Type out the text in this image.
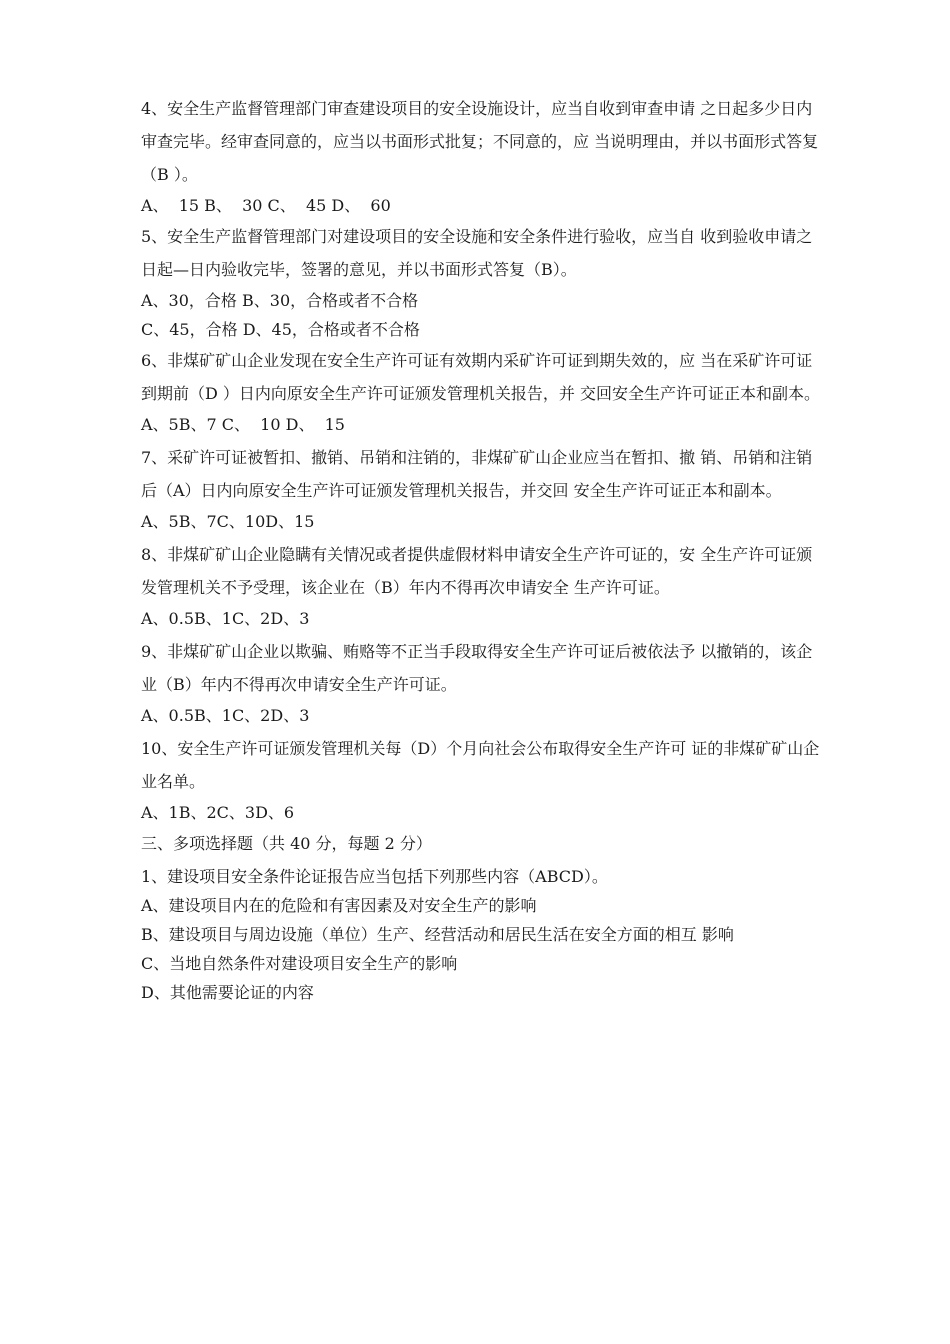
4、安全生产监督管理部门审查建设项目的安全设施设计，应当自收到审查申请 之日起多少日内审查完毕。经审查同意的，应当以书面形式批复；不同意的，应 当说明理由，并以书面形式答复（B ）。

A、  15 B、  30 C、  45 D、  60

5、安全生产监督管理部门对建设项目的安全设施和安全条件进行验收，应当自 收到验收申请之日起—日内验收完毕，签署的意见，并以书面形式答复（B）。

A、30，合格 B、30，合格或者不合格

C、45，合格 D、45，合格或者不合格

6、非煤矿矿山企业发现在安全生产许可证有效期内采矿许可证到期失效的，应 当在采矿许可证到期前（D ）日内向原安全生产许可证颁发管理机关报告，并 交回安全生产许可证正本和副本。

A、5B、7 C、  10 D、  15

7、采矿许可证被暂扣、撤销、吊销和注销的，非煤矿矿山企业应当在暂扣、撤 销、吊销和注销后（A）日内向原安全生产许可证颁发管理机关报告，并交回 安全生产许可证正本和副本。

A、5B、7C、10D、15

8、非煤矿矿山企业隐瞒有关情况或者提供虚假材料申请安全生产许可证的，安 全生产许可证颁发管理机关不予受理，该企业在（B）年内不得再次申请安全 生产许可证。

A、0.5B、1C、2D、3

9、非煤矿矿山企业以欺骗、贿赂等不正当手段取得安全生产许可证后被依法予 以撤销的，该企业（B）年内不得再次申请安全生产许可证。

A、0.5B、1C、2D、3

10、安全生产许可证颁发管理机关每（D）个月向社会公布取得安全生产许可 证的非煤矿矿山企业名单。

A、1B、2C、3D、6

三、多项选择题（共 40 分，每题 2 分）

1、建设项目安全条件论证报告应当包括下列那些内容（ABCD）。

A、建设项目内在的危险和有害因素及对安全生产的影响

B、建设项目与周边设施（单位）生产、经营活动和居民生活在安全方面的相互 影响

C、当地自然条件对建设项目安全生产的影响

D、其他需要论证的内容
